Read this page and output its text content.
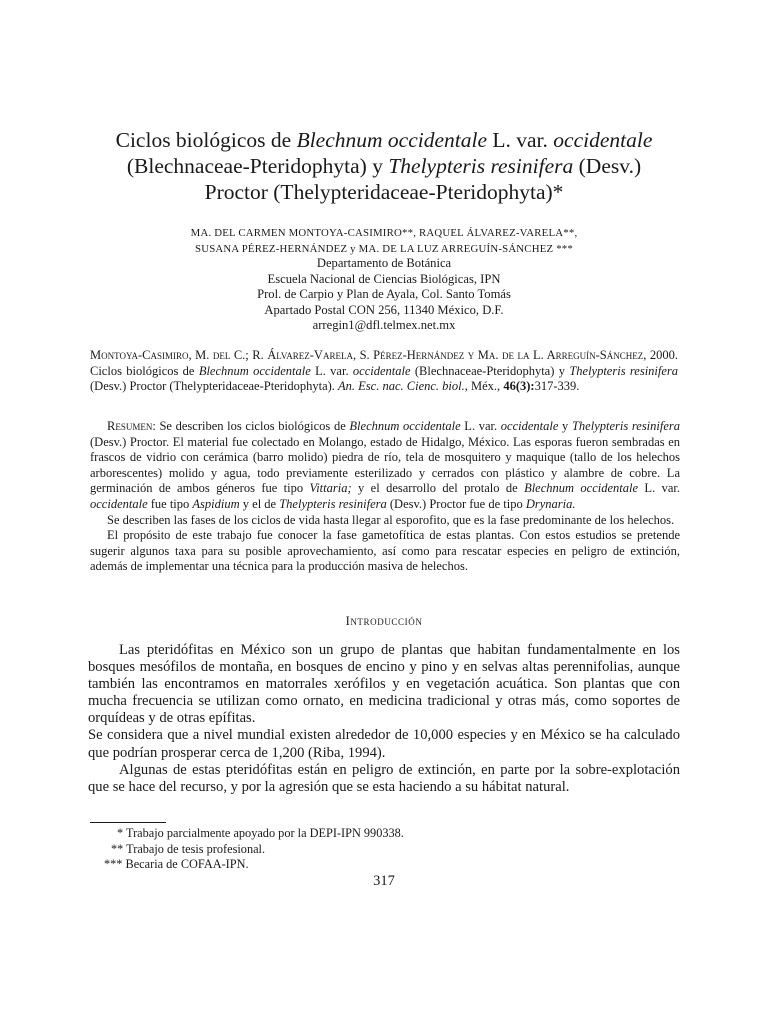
Ciclos biológicos de Blechnum occidentale L. var. occidentale
(Blechnaceae-Pteridophyta) y Thelypteris resinifera (Desv.)
Proctor (Thelypteridaceae-Pteridophyta)*
MA. DEL CARMEN MONTOYA-CASIMIRO**, RAQUEL ÁLVAREZ-VARELA**,
SUSANA PÉREZ-HERNÁNDEZ y MA. DE LA LUZ ARREGUÍN-SÁNCHEZ ***
Departamento de Botánica
Escuela Nacional de Ciencias Biológicas, IPN
Prol. de Carpio y Plan de Ayala, Col. Santo Tomás
Apartado Postal CON 256, 11340 México, D.F.
arregin1@dfl.telmex.net.mx
Montoya-Casimiro, M. del C.; R. Álvarez-Varela, S. Pérez-Hernández y Ma. de la L. Arreguín-Sánchez, 2000. Ciclos biológicos de Blechnum occidentale L. var. occidentale (Blechnaceae-Pteridophyta) y Thelypteris resinifera (Desv.) Proctor (Thelypteridaceae-Pteridophyta). An. Esc. nac. Cienc. biol., Méx., 46(3):317-339.

Resumen: Se describen los ciclos biológicos de Blechnum occidentale L. var. occidentale y Thelypteris resinifera (Desv.) Proctor. El material fue colectado en Molango, estado de Hidalgo, México. Las esporas fueron sembradas en frascos de vidrio con cerámica (barro molido) piedra de río, tela de mosquitero y maquique (tallo de los helechos arborescentes) molido y agua, todo previamente esterilizado y cerrados con plástico y alambre de cobre. La germinación de ambos géneros fue tipo Vittaria; y el desarrollo del protalo de Blechnum occidentale L. var. occidentale fue tipo Aspidium y el de Thelypteris resinifera (Desv.) Proctor fue de tipo Drynaria.

Se describen las fases de los ciclos de vida hasta llegar al esporofito, que es la fase predominante de los helechos.

El propósito de este trabajo fue conocer la fase gametofítica de estas plantas. Con estos estudios se pretende sugerir algunos taxa para su posible aprovechamiento, así como para rescatar especies en peligro de extinción, además de implementar una técnica para la producción masiva de helechos.

Introducción

Las pteridófitas en México son un grupo de plantas que habitan fundamentalmente en los bosques mesófilos de montaña, en bosques de encino y pino y en selvas altas perennifolias, aunque también las encontramos en matorrales xerófilos y en vegetación acuática. Son plantas que con mucha frecuencia se utilizan como ornato, en medicina tradicional y otras más, como soportes de orquídeas y de otras epífitas.

Se considera que a nivel mundial existen alrededor de 10,000 especies y en México se ha calculado que podrían prosperar cerca de 1,200 (Riba, 1994).

Algunas de estas pteridófitas están en peligro de extinción, en parte por la sobre-explotación que se hace del recurso, y por la agresión que se esta haciendo a su hábitat natural.

* Trabajo parcialmente apoyado por la DEPI-IPN 990338.
** Trabajo de tesis profesional.
*** Becaria de COFAA-IPN.
317
